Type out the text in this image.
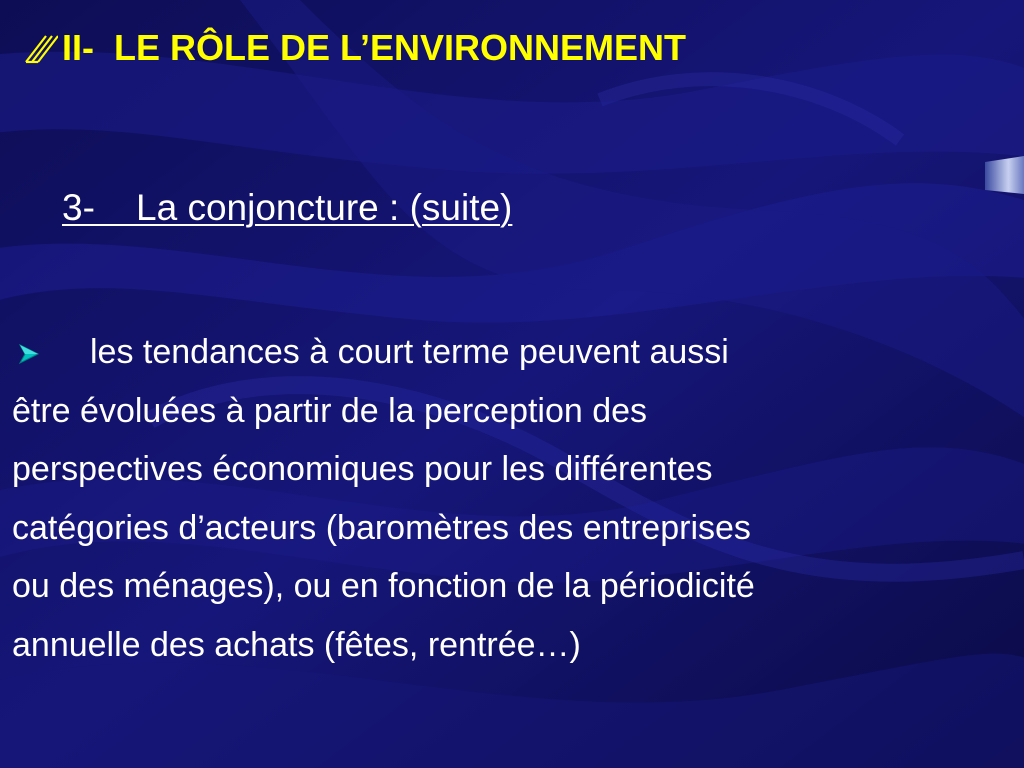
II-  LE RÔLE DE L’ENVIRONNEMENT
3-    La conjoncture : (suite)
les tendances à court terme peuvent aussi
être évoluées à partir de la perception des
perspectives économiques pour les différentes
catégories d’acteurs (baromètres des entreprises
ou des ménages), ou en fonction de la périodicité
annuelle des achats (fêtes, rentrée…)
